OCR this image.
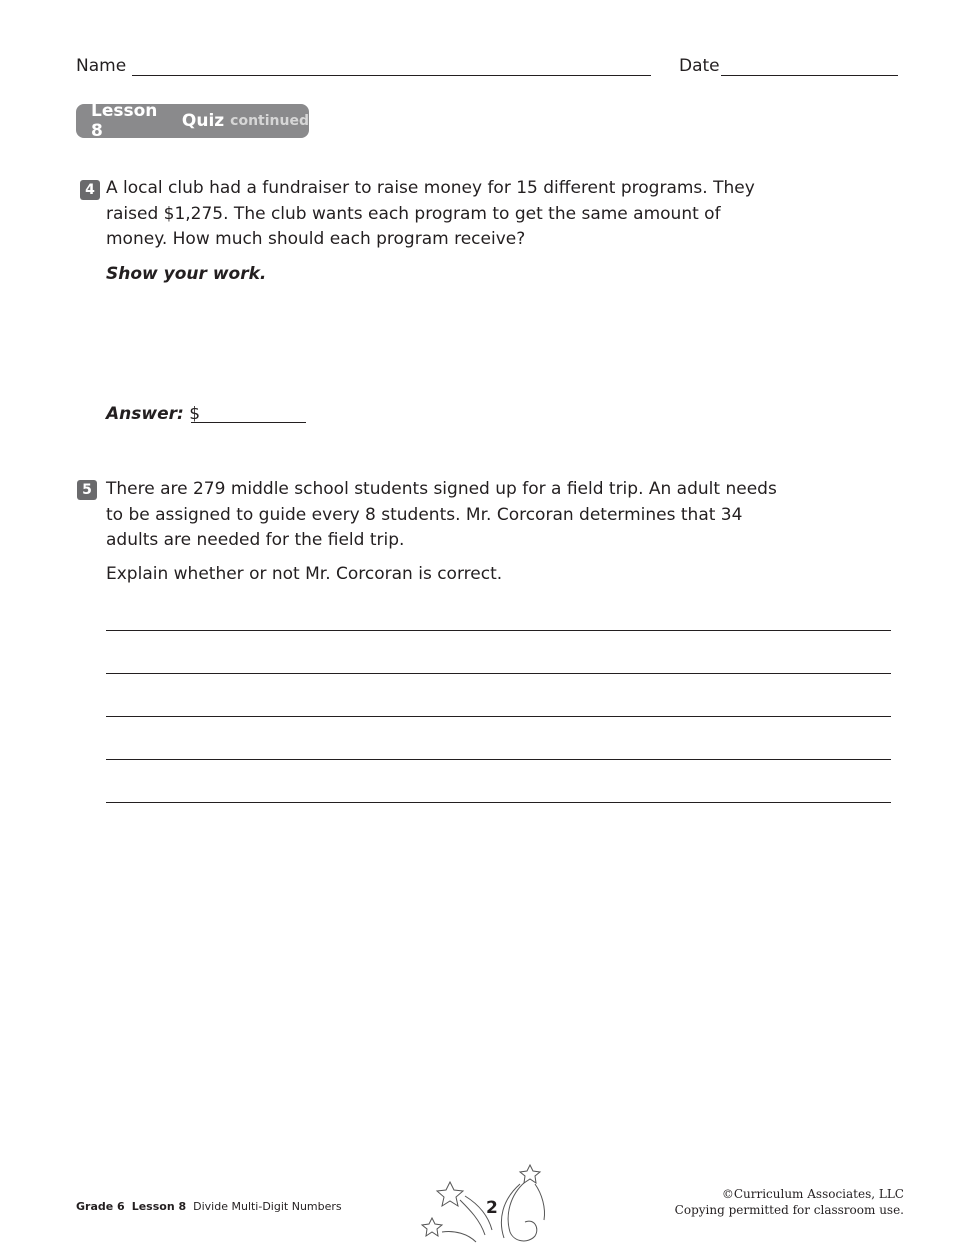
Name	Date
Lesson 8	Quiz continued
4 A local club had a fundraiser to raise money for 15 different programs. They raised $1,275. The club wants each program to get the same amount of money. How much should each program receive?
Show your work.
Answer: $
5 There are 279 middle school students signed up for a field trip. An adult needs to be assigned to guide every 8 students. Mr. Corcoran determines that 34 adults are needed for the field trip.
Explain whether or not Mr. Corcoran is correct.
Grade 6 Lesson 8 Divide Multi-Digit Numbers	2
©Curriculum Associates, LLC
Copying permitted for classroom use.
